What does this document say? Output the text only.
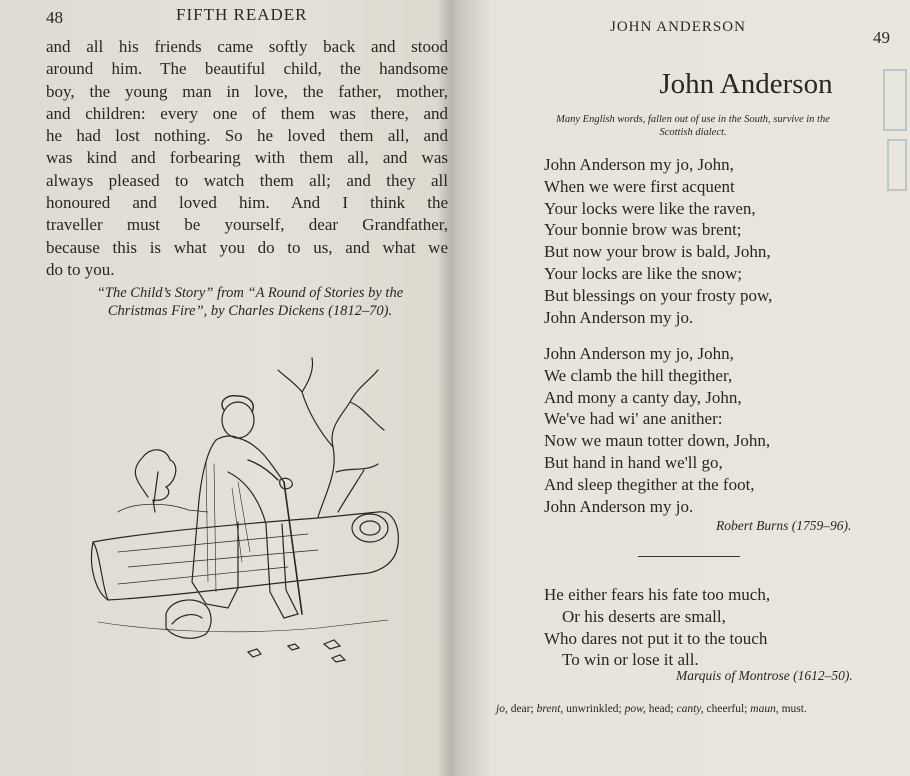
48	FIFTH READER
and all his friends came softly back and stood
around him. The beautiful child, the handsome
boy, the young man in love, the father, mother,
and children: every one of them was there, and
he had lost nothing. So he loved them all, and
was kind and forbearing with them all, and was
always pleased to watch them all; and they all
honoured and loved him. And I think the
traveller must be yourself, dear Grandfather,
because this is what you do to us, and what we
do to you.
“The Child’s Story” from “A Round of Stories by the
Christmas Fire”, by Charles Dickens (1812–70).
JOHN ANDERSON
49
John Anderson
Many English words, fallen out of use in the South, survive in the
Scottish dialect.
John Anderson my jo, John,
When we were first acquent
Your locks were like the raven,
Your bonnie brow was brent;
But now your brow is bald, John,
Your locks are like the snow;
But blessings on your frosty pow,
John Anderson my jo.
John Anderson my jo, John,
We clamb the hill thegither,
And mony a canty day, John,
We've had wi' ane anither:
Now we maun totter down, John,
But hand in hand we'll go,
And sleep thegither at the foot,
John Anderson my jo.
Robert Burns (1759–96).
He either fears his fate too much,
Or his deserts are small,
Who dares not put it to the touch
To win or lose it all.
Marquis of Montrose (1612–50).
jo, dear; brent, unwrinkled; pow, head; canty, cheerful; maun, must.
